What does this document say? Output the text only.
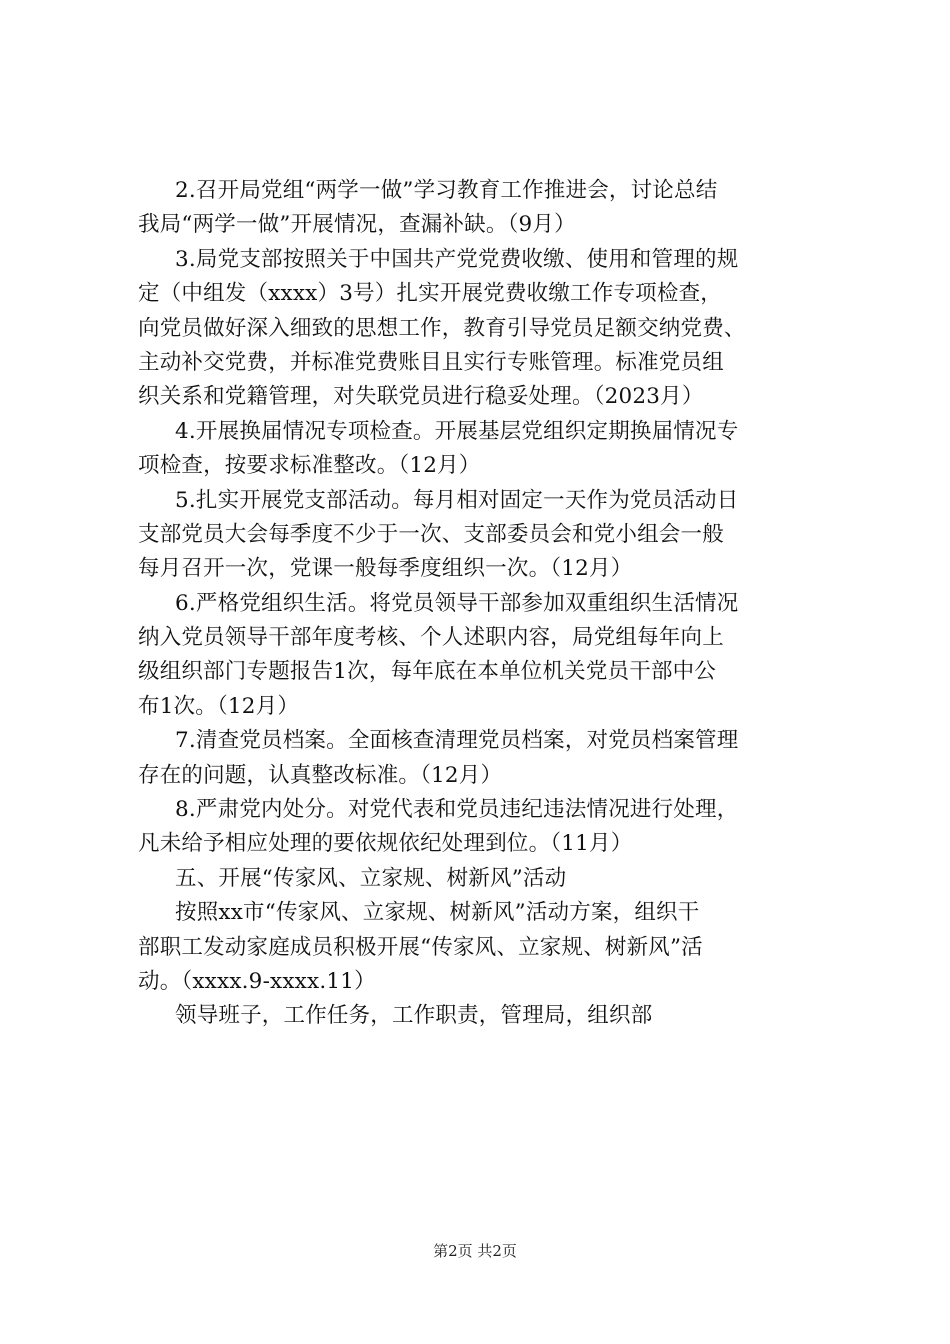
2.召开局党组“两学一做”学习教育工作推进会，讨论总结
我局“两学一做”开展情况，查漏补缺。（9月）
3.局党支部按照关于中国共产党党费收缴、使用和管理的规
定（中组发（xxxx）3号）扎实开展党费收缴工作专项检查，
向党员做好深入细致的思想工作，教育引导党员足额交纳党费、
主动补交党费，并标准党费账目且实行专账管理。标准党员组
织关系和党籍管理，对失联党员进行稳妥处理。（2023月）
4.开展换届情况专项检查。开展基层党组织定期换届情况专
项检查，按要求标准整改。（12月）
5.扎实开展党支部活动。每月相对固定一天作为党员活动日
支部党员大会每季度不少于一次、支部委员会和党小组会一般
每月召开一次，党课一般每季度组织一次。（12月）
6.严格党组织生活。将党员领导干部参加双重组织生活情况
纳入党员领导干部年度考核、个人述职内容，局党组每年向上
级组织部门专题报告1次，每年底在本单位机关党员干部中公
布1次。（12月）
7.清查党员档案。全面核查清理党员档案，对党员档案管理
存在的问题，认真整改标准。（12月）
8.严肃党内处分。对党代表和党员违纪违法情况进行处理，
凡未给予相应处理的要依规依纪处理到位。（11月）
五、开展“传家风、立家规、树新风”活动
按照xx市“传家风、立家规、树新风”活动方案，组织干
部职工发动家庭成员积极开展“传家风、立家规、树新风”活
动。（xxxx.9-xxxx.11）
领导班子，工作任务，工作职责，管理局，组织部
第2页 共2页
